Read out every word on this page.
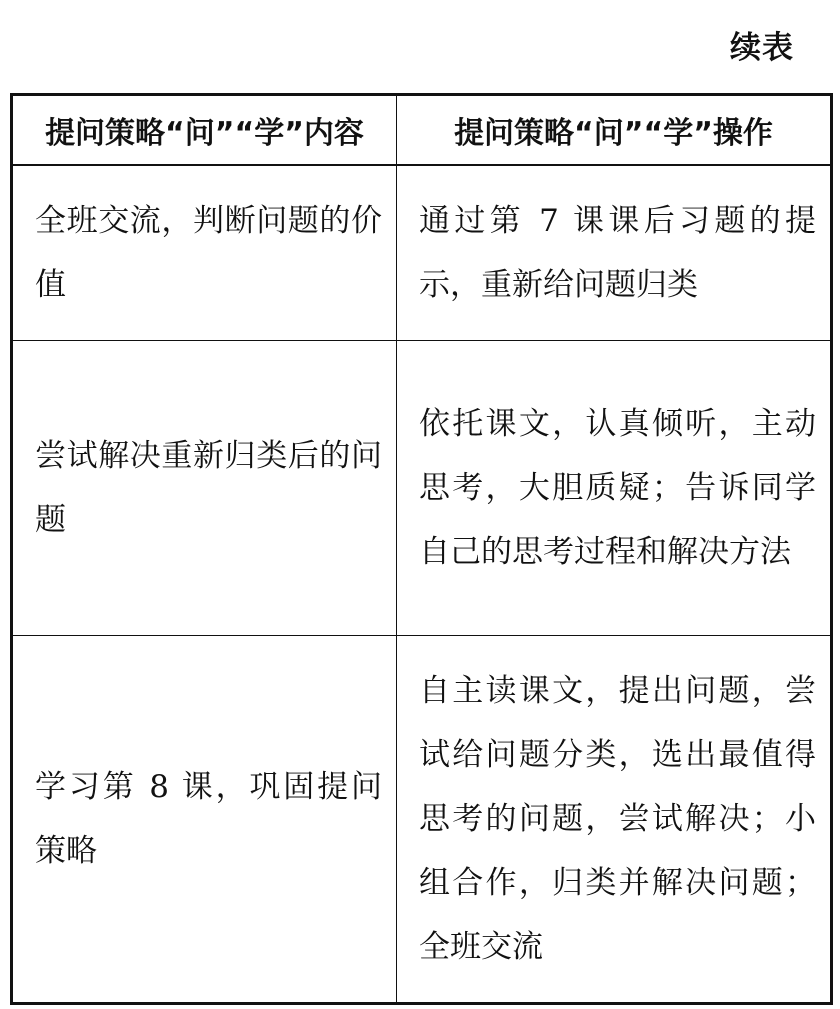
续表
提问策略“问”“学”内容	提问策略“问”“学”操作

全班交流，判断问题的价值	通过第 7 课课后习题的提示，重新给问题归类

尝试解决重新归类后的问题	依托课文，认真倾听，主动思考，大胆质疑；告诉同学自己的思考过程和解决方法

学习第 8 课，巩固提问策略	自主读课文，提出问题，尝试给问题分类，选出最值得思考的问题，尝试解决；小组合作，归类并解决问题；全班交流
